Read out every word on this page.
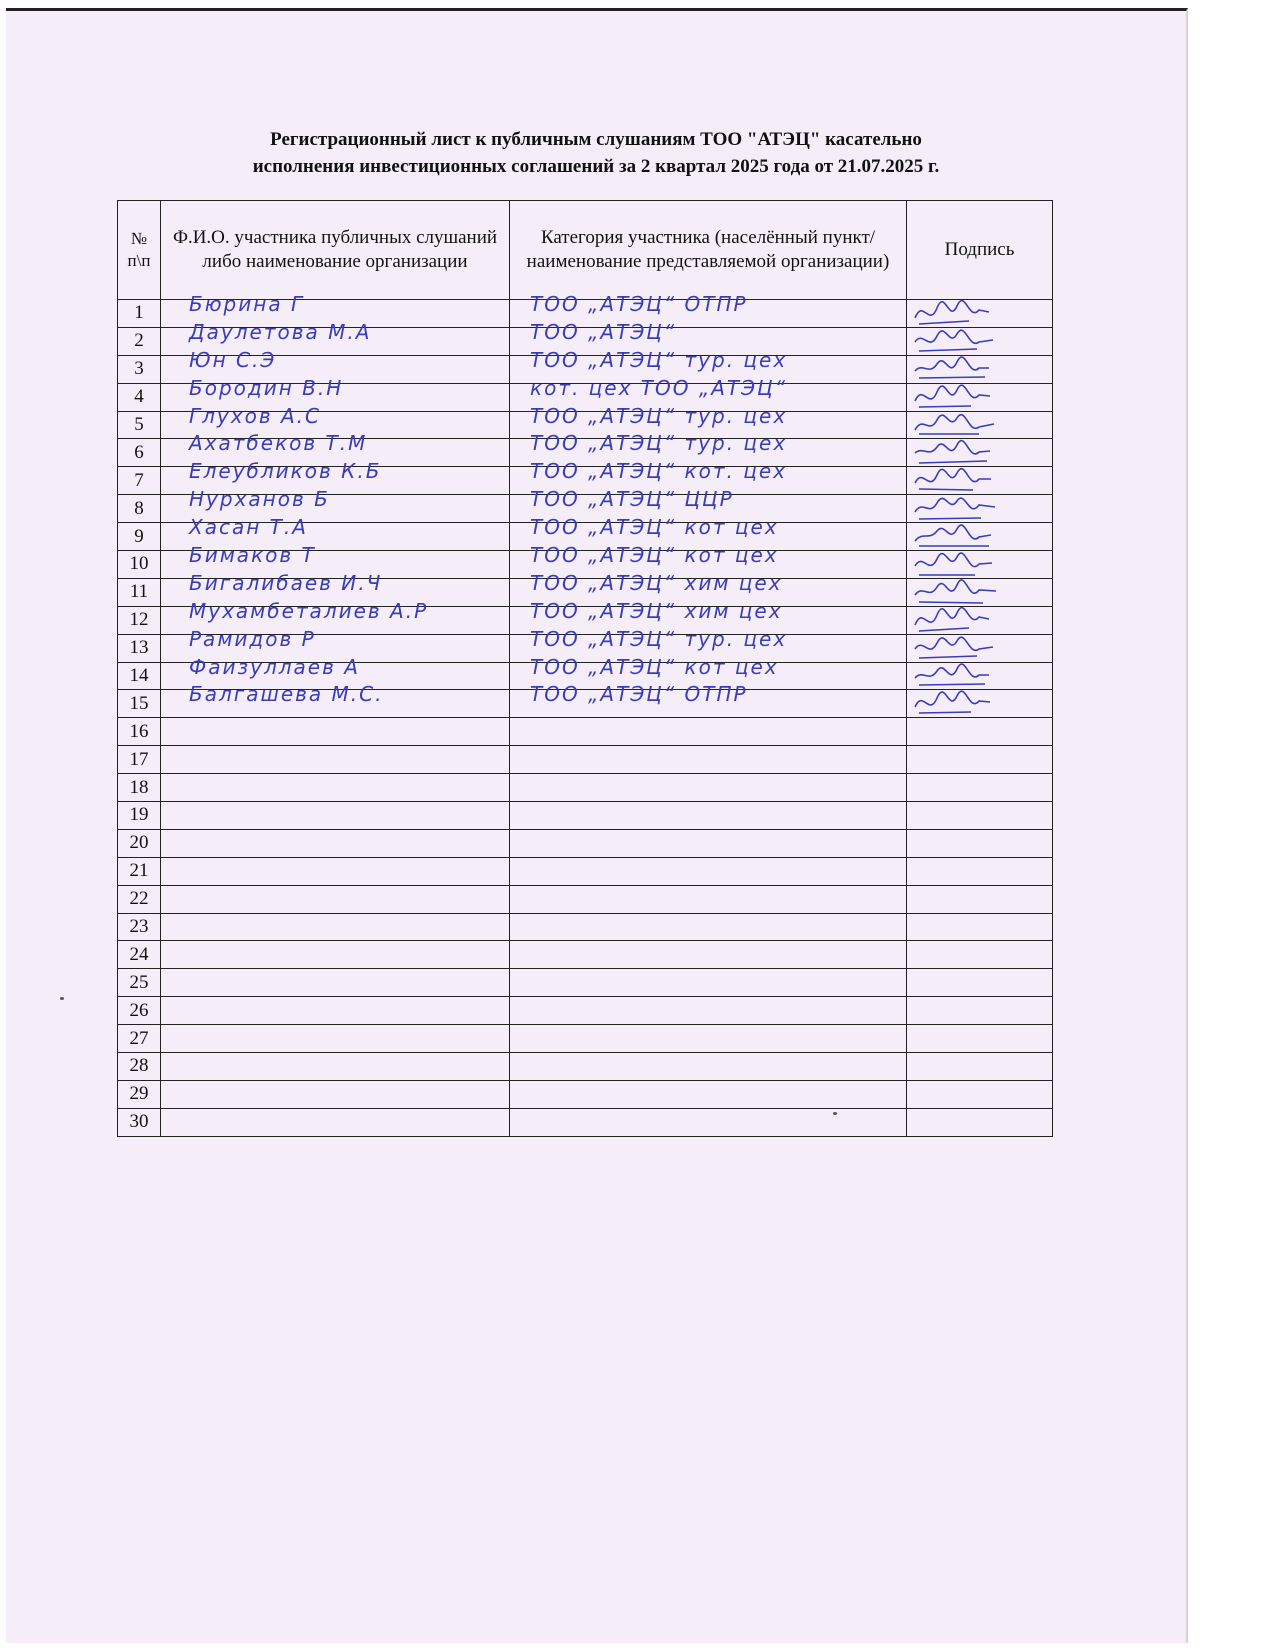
Регистрационный лист к публичным слушаниям ТОО "АТЭЦ" касательно
исполнения инвестиционных соглашений за 2 квартал 2025 года от 21.07.2025 г.
№ п\п	Ф.И.О. участника публичных слушаний либо наименование организации	Категория участника (населённый пункт/наименование представляемой организации)	Подпись
1	Бюрина Г	ТОО „АТЭЦ“ ОТПР

2	Даулетова М.А	ТОО „АТЭЦ“

3	Юн С.Э	ТОО „АТЭЦ“ тур. цех

4	Бородин В.Н	кот. цех ТОО „АТЭЦ“

5	Глухов А.С	ТОО „АТЭЦ“ тур. цех

6	Ахатбеков Т.М	ТОО „АТЭЦ“ тур. цех

7	Елеубликов К.Б	ТОО „АТЭЦ“ кот. цех

8	Нурханов Б	ТОО „АТЭЦ“ ЦЦР

9	Хасан Т.А	ТОО „АТЭЦ“ кот цех

10	Бимаков Т	ТОО „АТЭЦ“ кот цех

11	Бигалибаев И.Ч	ТОО „АТЭЦ“ хим цех

12	Мухамбеталиев А.Р	ТОО „АТЭЦ“ хим цех

13	Рамидов Р	ТОО „АТЭЦ“ тур. цех

14	Фаизуллаев А	ТОО „АТЭЦ“ кот цех

15	Балгашева М.С.	ТОО „АТЭЦ“ ОТПР

16	

17	

18	

19	

20	

21	

22	

23	

24	

25	

26	

27	

28	

29	

30	
